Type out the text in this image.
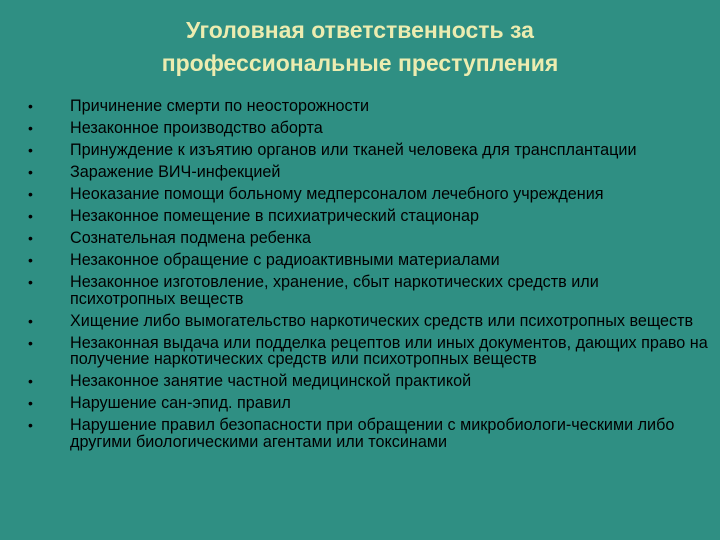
Уголовная ответственность за
профессиональные преступления
• Причинение смерти по неосторожности
• Незаконное производство аборта
• Принуждение к изъятию органов или тканей человека для трансплантации
• Заражение ВИЧ-инфекцией
• Неоказание помощи больному медперсоналом лечебного учреждения
• Незаконное помещение в психиатрический стационар
• Сознательная подмена ребенка
• Незаконное обращение с радиоактивными материалами
• Незаконное изготовление, хранение, сбыт наркотических средств или психотропных веществ
• Хищение либо вымогательство наркотических средств или психотропных веществ
• Незаконная выдача или подделка рецептов или иных документов, дающих право на получение наркотических средств или психотропных веществ
• Незаконное занятие частной медицинской практикой
• Нарушение сан-эпид. правил
• Нарушение правил безопасности при обращении с микробиологи-ческими либо другими биологическими агентами или токсинами
